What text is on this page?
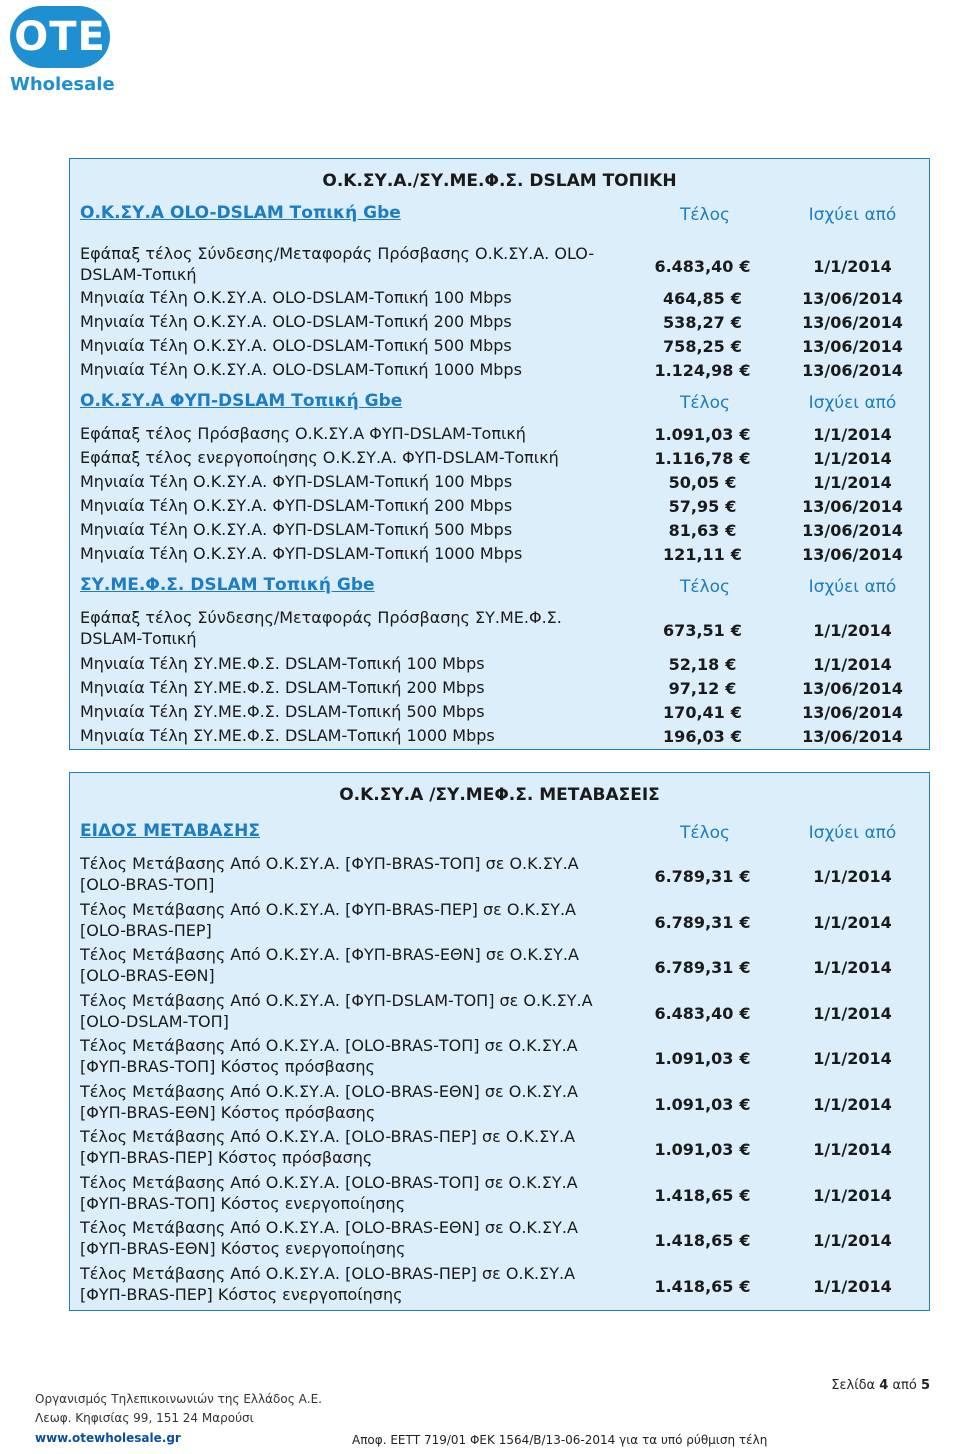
OTE
Wholesale
Ο.Κ.ΣΥ.Α./ΣΥ.ΜΕ.Φ.Σ. DSLAM ΤΟΠΙΚΗ
Ο.Κ.ΣΥ.Α OLO-DSLAM Τοπική Gbe	Τέλος	Ισχύει από
Εφάπαξ τέλος Σύνδεσης/Μεταφοράς Πρόσβασης Ο.Κ.ΣΥ.Α. OLO-DSLAM-Τοπική	6.483,40 €	1/1/2014
Μηνιαία Τέλη Ο.Κ.ΣΥ.Α. OLO-DSLAM-Τοπική 100 Mbps	464,85 €	13/06/2014
Μηνιαία Τέλη Ο.Κ.ΣΥ.Α. OLO-DSLAM-Τοπική 200 Mbps	538,27 €	13/06/2014
Μηνιαία Τέλη Ο.Κ.ΣΥ.Α. OLO-DSLAM-Τοπική 500 Mbps	758,25 €	13/06/2014
Μηνιαία Τέλη Ο.Κ.ΣΥ.Α. OLO-DSLAM-Τοπική 1000 Mbps	1.124,98 €	13/06/2014
Ο.Κ.ΣΥ.Α ΦΥΠ-DSLAM Τοπική Gbe	Τέλος	Ισχύει από
Εφάπαξ τέλος Πρόσβασης Ο.Κ.ΣΥ.Α ΦΥΠ-DSLAM-Τοπική	1.091,03 €	1/1/2014
Εφάπαξ τέλος ενεργοποίησης Ο.Κ.ΣΥ.Α. ΦΥΠ-DSLAM-Τοπική	1.116,78 €	1/1/2014
Μηνιαία Τέλη Ο.Κ.ΣΥ.Α. ΦΥΠ-DSLAM-Τοπική 100 Mbps	50,05 €	1/1/2014
Μηνιαία Τέλη Ο.Κ.ΣΥ.Α. ΦΥΠ-DSLAM-Τοπική 200 Mbps	57,95 €	13/06/2014
Μηνιαία Τέλη Ο.Κ.ΣΥ.Α. ΦΥΠ-DSLAM-Τοπική 500 Mbps	81,63 €	13/06/2014
Μηνιαία Τέλη Ο.Κ.ΣΥ.Α. ΦΥΠ-DSLAM-Τοπική 1000 Mbps	121,11 €	13/06/2014
ΣΥ.ΜΕ.Φ.Σ. DSLAM Τοπική Gbe	Τέλος	Ισχύει από
Εφάπαξ τέλος Σύνδεσης/Μεταφοράς Πρόσβασης ΣΥ.ΜΕ.Φ.Σ. DSLAM-Τοπική	673,51 €	1/1/2014
Μηνιαία Τέλη ΣΥ.ΜΕ.Φ.Σ. DSLAM-Τοπική 100 Mbps	52,18 €	1/1/2014
Μηνιαία Τέλη ΣΥ.ΜΕ.Φ.Σ. DSLAM-Τοπική 200 Mbps	97,12 €	13/06/2014
Μηνιαία Τέλη ΣΥ.ΜΕ.Φ.Σ. DSLAM-Τοπική 500 Mbps	170,41 €	13/06/2014
Μηνιαία Τέλη ΣΥ.ΜΕ.Φ.Σ. DSLAM-Τοπική 1000 Mbps	196,03 €	13/06/2014
Ο.Κ.ΣΥ.Α /ΣΥ.ΜΕΦ.Σ. ΜΕΤΑΒΑΣΕΙΣ
ΕΙΔΟΣ ΜΕΤΑΒΑΣΗΣ	Τέλος	Ισχύει από
Τέλος Μετάβασης Από Ο.Κ.ΣΥ.Α. [ΦΥΠ-BRAS-ΤΟΠ] σε Ο.Κ.ΣΥ.Α [OLO-BRAS-ΤΟΠ]	6.789,31 €	1/1/2014
Τέλος Μετάβασης Από Ο.Κ.ΣΥ.Α. [ΦΥΠ-BRAS-ΠΕΡ] σε Ο.Κ.ΣΥ.Α [OLO-BRAS-ΠΕΡ]	6.789,31 €	1/1/2014
Τέλος Μετάβασης Από Ο.Κ.ΣΥ.Α. [ΦΥΠ-BRAS-ΕΘΝ] σε Ο.Κ.ΣΥ.Α [OLO-BRAS-ΕΘΝ]	6.789,31 €	1/1/2014
Τέλος Μετάβασης Από Ο.Κ.ΣΥ.Α. [ΦΥΠ-DSLAM-ΤΟΠ] σε Ο.Κ.ΣΥ.Α [OLO-DSLAM-ΤΟΠ]	6.483,40 €	1/1/2014
Τέλος Μετάβασης Από Ο.Κ.ΣΥ.Α. [OLO-BRAS-ΤΟΠ] σε Ο.Κ.ΣΥ.Α [ΦΥΠ-BRAS-ΤΟΠ] Κόστος πρόσβασης	1.091,03 €	1/1/2014
Τέλος Μετάβασης Από Ο.Κ.ΣΥ.Α. [OLO-BRAS-ΕΘΝ] σε Ο.Κ.ΣΥ.Α [ΦΥΠ-BRAS-ΕΘΝ] Κόστος πρόσβασης	1.091,03 €	1/1/2014
Τέλος Μετάβασης Από Ο.Κ.ΣΥ.Α. [OLO-BRAS-ΠΕΡ] σε Ο.Κ.ΣΥ.Α [ΦΥΠ-BRAS-ΠΕΡ] Κόστος πρόσβασης	1.091,03 €	1/1/2014
Τέλος Μετάβασης Από Ο.Κ.ΣΥ.Α. [OLO-BRAS-ΤΟΠ] σε Ο.Κ.ΣΥ.Α [ΦΥΠ-BRAS-ΤΟΠ] Κόστος ενεργοποίησης	1.418,65 €	1/1/2014
Τέλος Μετάβασης Από Ο.Κ.ΣΥ.Α. [OLO-BRAS-ΕΘΝ] σε Ο.Κ.ΣΥ.Α [ΦΥΠ-BRAS-ΕΘΝ] Κόστος ενεργοποίησης	1.418,65 €	1/1/2014
Τέλος Μετάβασης Από Ο.Κ.ΣΥ.Α. [OLO-BRAS-ΠΕΡ] σε Ο.Κ.ΣΥ.Α [ΦΥΠ-BRAS-ΠΕΡ] Κόστος ενεργοποίησης	1.418,65 €	1/1/2014
Οργανισμός Τηλεπικοινωνιών της Ελλάδος Α.Ε.
Λεωφ. Κηφισίας 99, 151 24 Μαρούσι
www.otewholesale.gr
Σελίδα 4 από 5
Αποφ. ΕΕΤΤ 719/01 ΦΕΚ 1564/Β/13-06-2014 για τα υπό ρύθμιση τέλη
